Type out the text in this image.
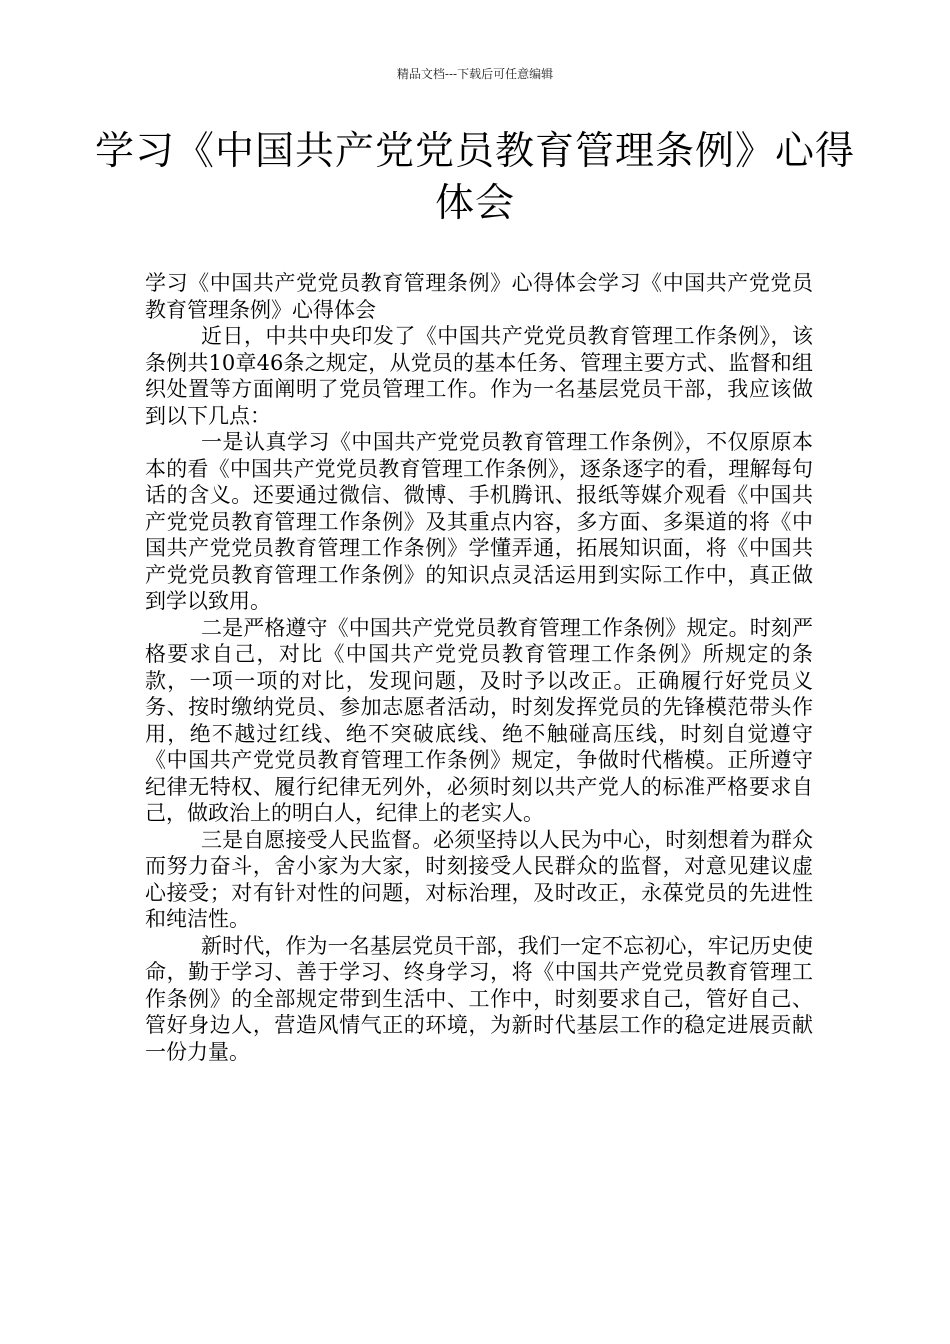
精品文档---下载后可任意编辑
学习《中国共产党党员教育管理条例》心得体会

学习《中国共产党党员教育管理条例》心得体会学习《中国共产党党员教育管理条例》心得体会

近日，中共中央印发了《中国共产党党员教育管理工作条例》，该条例共10章46条之规定，从党员的基本任务、管理主要方式、监督和组织处置等方面阐明了党员管理工作。作为一名基层党员干部，我应该做到以下几点：

一是认真学习《中国共产党党员教育管理工作条例》，不仅原原本本的看《中国共产党党员教育管理工作条例》，逐条逐字的看，理解每句话的含义。还要通过微信、微博、手机腾讯、报纸等媒介观看《中国共产党党员教育管理工作条例》及其重点内容，多方面、多渠道的将《中国共产党党员教育管理工作条例》学懂弄通，拓展知识面，将《中国共产党党员教育管理工作条例》的知识点灵活运用到实际工作中，真正做到学以致用。

二是严格遵守《中国共产党党员教育管理工作条例》规定。时刻严格要求自己，对比《中国共产党党员教育管理工作条例》所规定的条款，一项一项的对比，发现问题，及时予以改正。正确履行好党员义务、按时缴纳党员、参加志愿者活动，时刻发挥党员的先锋模范带头作用，绝不越过红线、绝不突破底线、绝不触碰高压线，时刻自觉遵守《中国共产党党员教育管理工作条例》规定，争做时代楷模。正所遵守纪律无特权、履行纪律无列外，必须时刻以共产党人的标准严格要求自己，做政治上的明白人，纪律上的老实人。

三是自愿接受人民监督。必须坚持以人民为中心，时刻想着为群众而努力奋斗，舍小家为大家，时刻接受人民群众的监督，对意见建议虚心接受；对有针对性的问题，对标治理，及时改正，永葆党员的先进性和纯洁性。

新时代，作为一名基层党员干部，我们一定不忘初心，牢记历史使命，勤于学习、善于学习、终身学习，将《中国共产党党员教育管理工作条例》的全部规定带到生活中、工作中，时刻要求自己，管好自己、管好身边人，营造风情气正的环境，为新时代基层工作的稳定进展贡献一份力量。
